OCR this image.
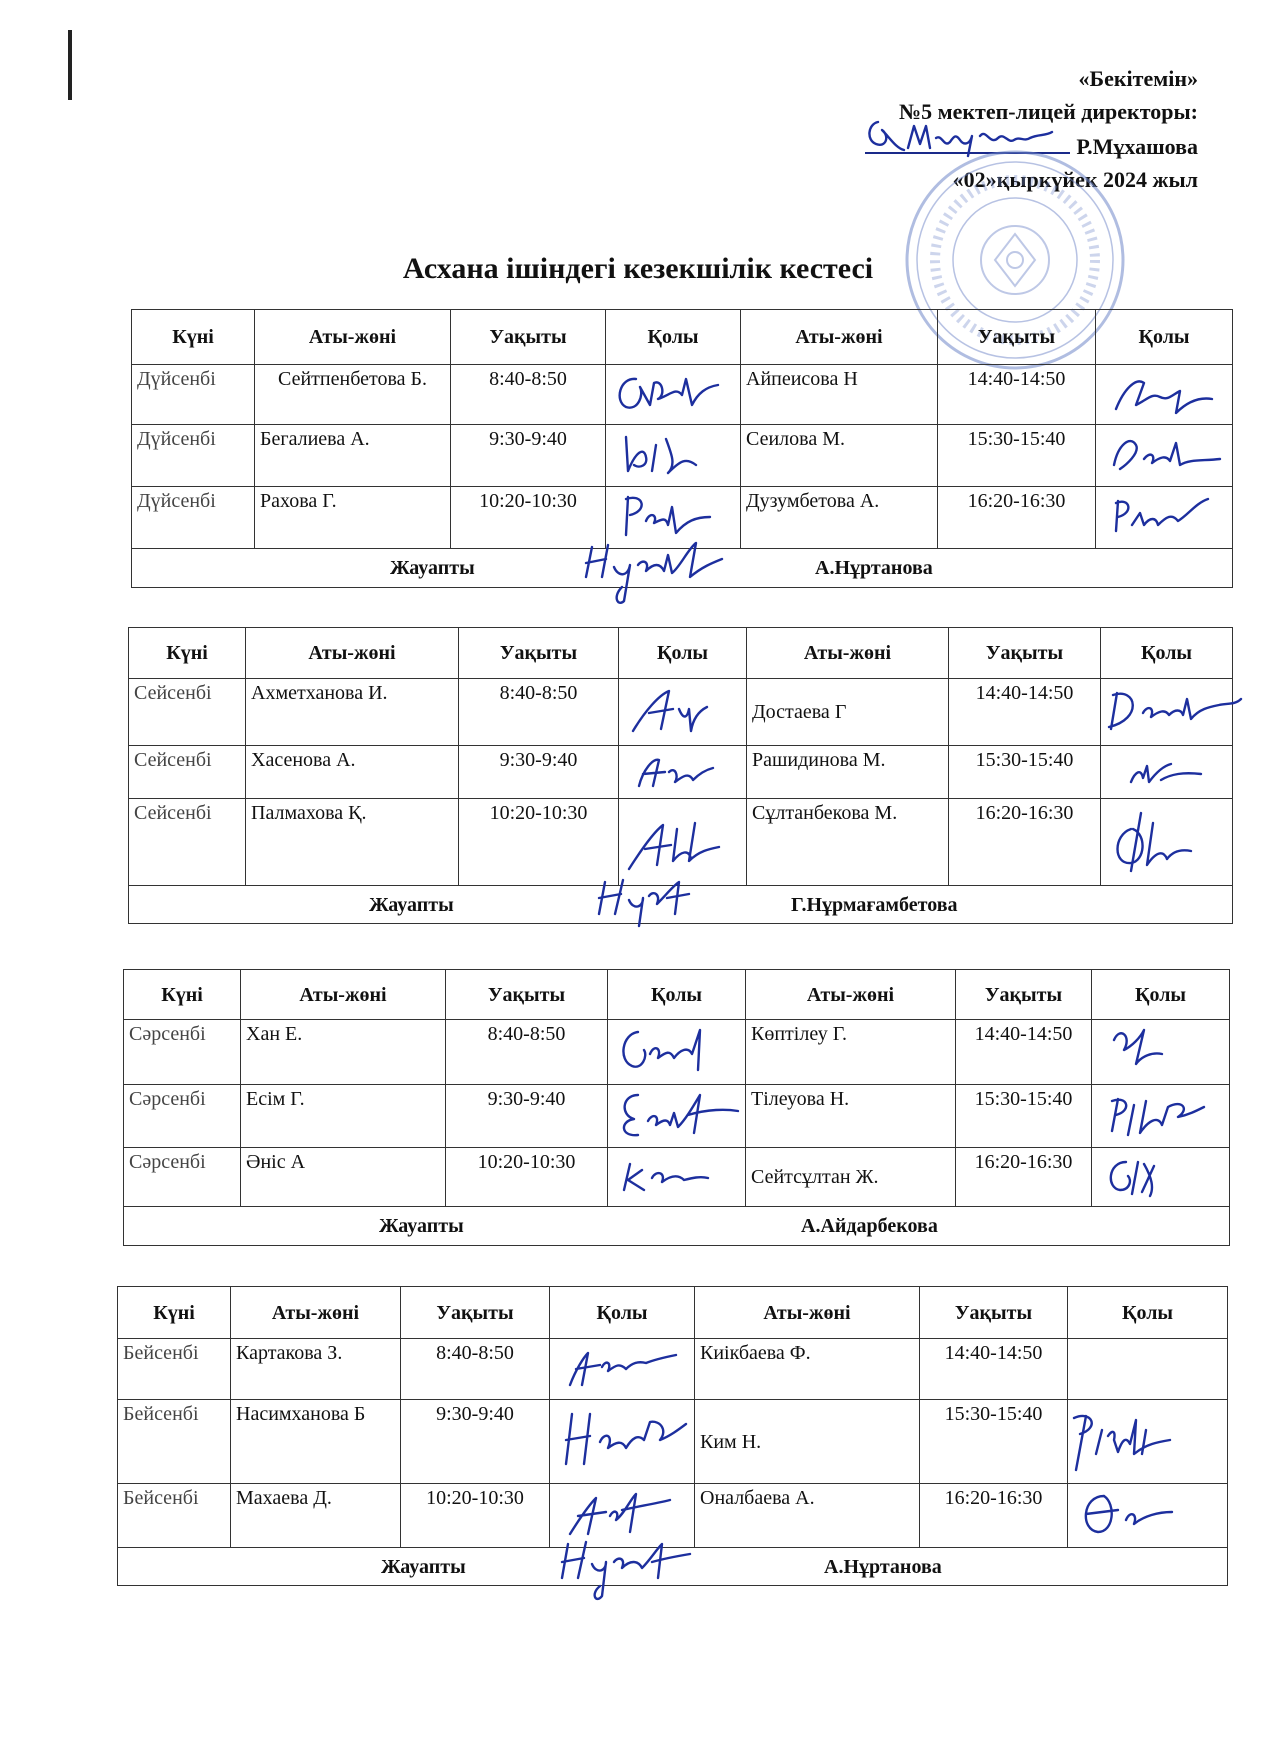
«Бекітемін»
№5 мектеп-лицей директоры:
Р.Мұхашова
«02»қыркүйек 2024 жыл
Асхана ішіндегі кезекшілік кестесі
Күні	Аты-жөні	Уақыты	Қолы	Аты-жөні	Уақыты	Қолы
Дүйсенбі	Сейтпенбетова Б.	8:40-8:50		Айпеисова Н	14:40-14:50	
Дүйсенбі	Бегалиева А.	9:30-9:40		Сеилова М.	15:30-15:40	
Дүйсенбі	Рахова Г.	10:20-10:30		Дузумбетова А.	16:20-16:30	

Жауапты А.Нұртанова						
Күні	Аты-жөні	Уақыты	Қолы	Аты-жөні	Уақыты	Қолы
Сейсенбі	Ахметханова И.	8:40-8:50		Достаева Г	14:40-14:50	
Сейсенбі	Хасенова А.	9:30-9:40		Рашидинова М.	15:30-15:40	
Сейсенбі	Палмахова Қ.	10:20-10:30		Сұлтанбекова М.	16:20-16:30	

Жауапты Г.Нұрмағамбетова						
Күні	Аты-жөні	Уақыты	Қолы	Аты-жөні	Уақыты	Қолы
Сәрсенбі	Хан Е.	8:40-8:50		Көптілеу Г.	14:40-14:50	
Сәрсенбі	Есім Г.	9:30-9:40		Тілеуова Н.	15:30-15:40	
Сәрсенбі	Әніс А	10:20-10:30		Сейтсұлтан Ж.	16:20-16:30	

Жауапты А.Айдарбекова						
Күні	Аты-жөні	Уақыты	Қолы	Аты-жөні	Уақыты	Қолы
Бейсенбі	Картакова З.	8:40-8:50		Киікбаева Ф.	14:40-14:50	
Бейсенбі	Насимханова Б	9:30-9:40		Ким Н.	15:30-15:40	
Бейсенбі	Махаева Д.	10:20-10:30		Оналбаева А.	16:20-16:30	

Жауапты А.Нұртанова						
